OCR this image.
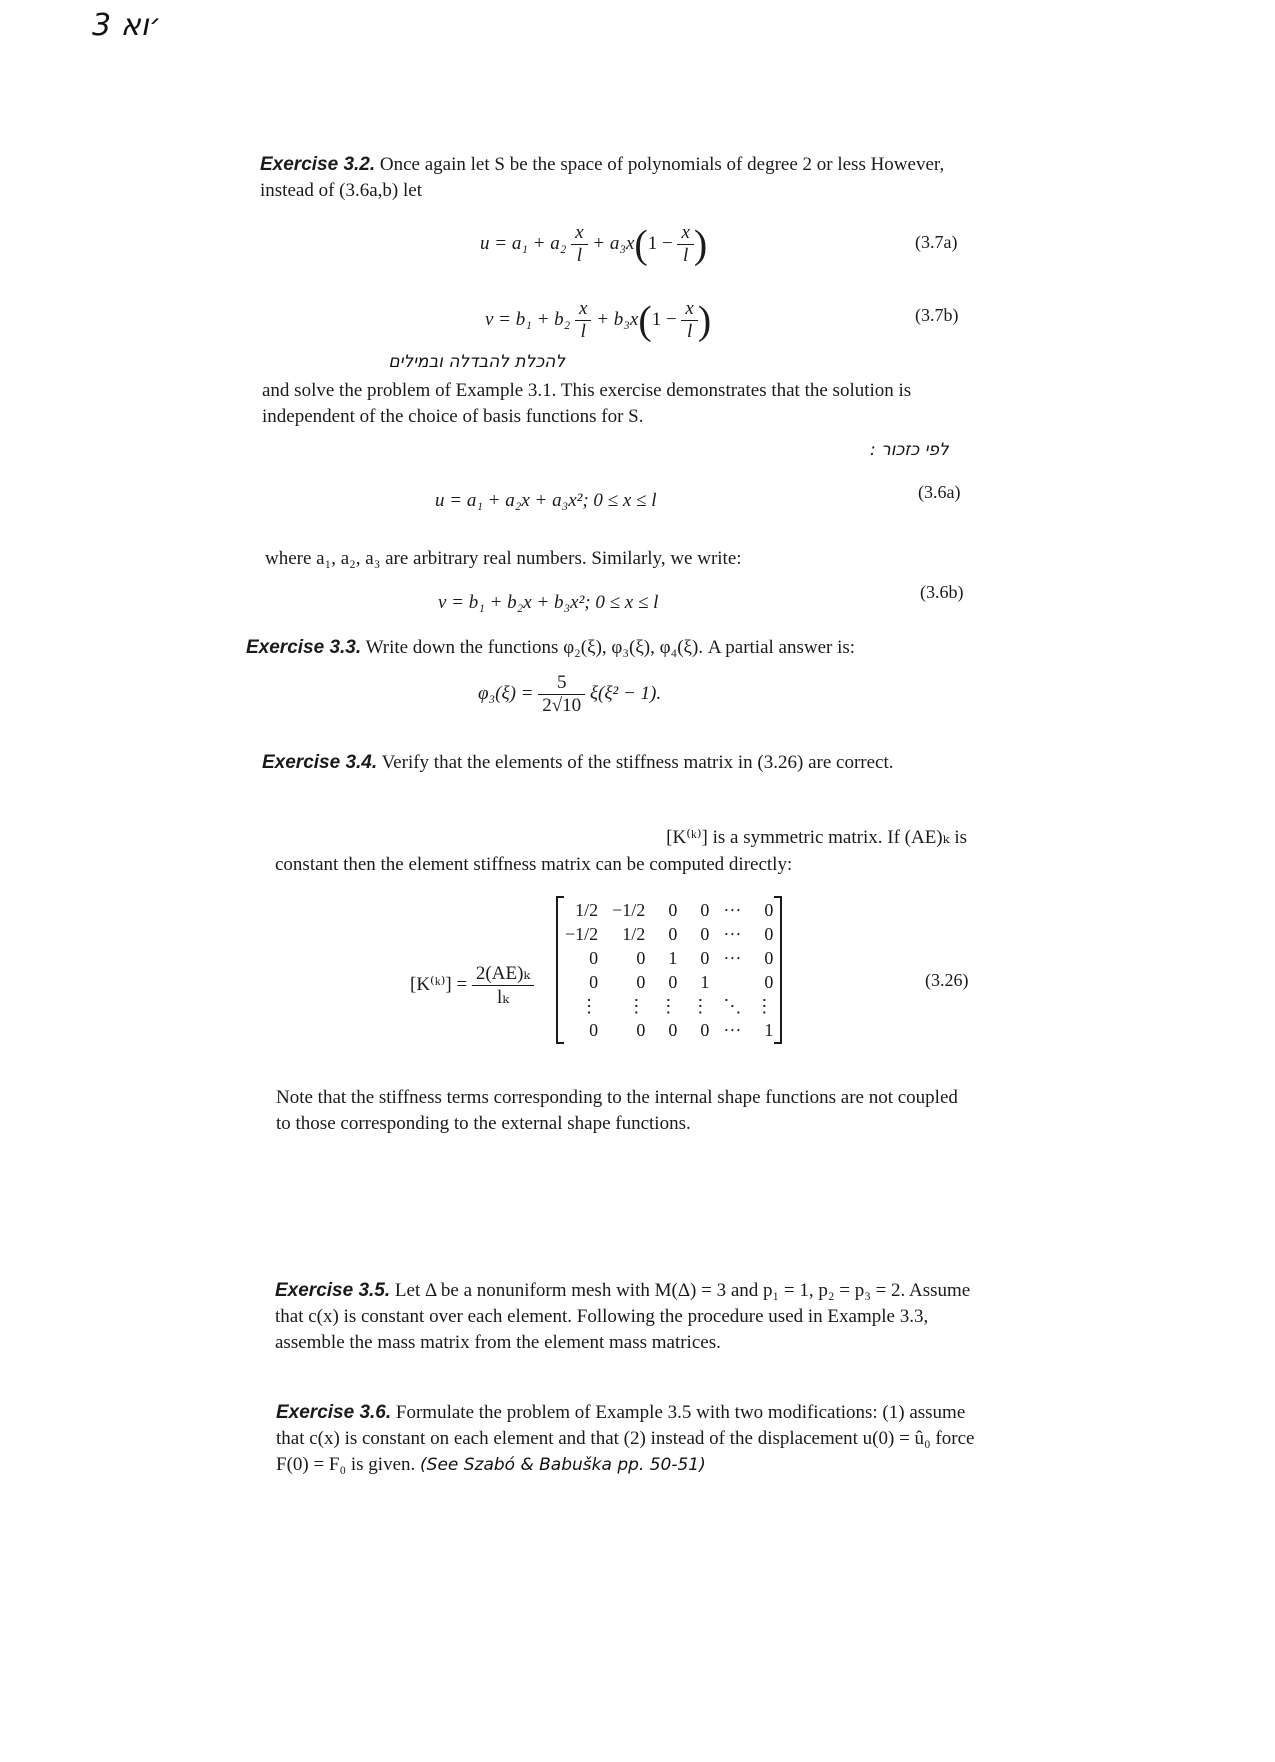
3 ׳וא
Exercise 3.2. Once again let S be the space of polynomials of degree 2 or less However, instead of (3.6a,b) let
$u = a_1 + a_2 \frac{x}{l} + a_3x(1 - \frac{x}{l}$ )	(3.7a)
$v = b_1 + b_2 \frac{x}{l} + b_3x(1 - \frac{x}{l}$ )	(3.7b)
להכלת להבדלה ובמילים
and solve the problem of Example 3.1. This exercise demonstrates that the solution is independent of the choice of basis functions for S.
לפי כזכור :
u = a₁ + a₂x + a₃x²; 0 ≤ x ≤ l	(3.6a)
where a₁, a₂, a₃ are arbitrary real numbers. Similarly, we write:
v = b₁ + b₂x + b₃x²; 0 ≤ x ≤ l	(3.6b)
Exercise 3.3. Write down the functions φ₂(ξ), φ₃(ξ), φ₄(ξ). A partial answer is:
$\varphi_3(\xi) = \frac{5}{2√10} \xi(\xi^2 - 1)$.
Exercise 3.4. Verify that the elements of the stiffness matrix in (3.26) are correct.
[K⁽ᵏ⁾] is a symmetric matrix. If (AE)ₖ is
constant then the element stiffness matrix can be computed directly:
[K⁽ᵏ⁾] = $\frac{\text{2(AE)ₖ}}{\text{lₖ}}$
1/2	−1/2	0	0	···	0
−1/2	1/2	0	0	···	0
0	0	1	0	···	0
0	0	0	1		0
⋮	⋮	⋮	⋮	⋱	⋮
0	0	0	0	···	1
(3.26)
Note that the stiffness terms corresponding to the internal shape functions are not coupled to those corresponding to the external shape functions.
Exercise 3.5. Let Δ be a nonuniform mesh with M(Δ) = 3 and p₁ = 1, p₂ = p₃ = 2. Assume that c(x) is constant over each element. Following the procedure used in Example 3.3, assemble the mass matrix from the element mass matrices.
Exercise 3.6. Formulate the problem of Example 3.5 with two modifications: (1) assume that c(x) is constant on each element and that (2) instead of the displacement u(0) = û₀ force F(0) = F₀ is given. (See Szabó & Babuška pp. 50-51)
